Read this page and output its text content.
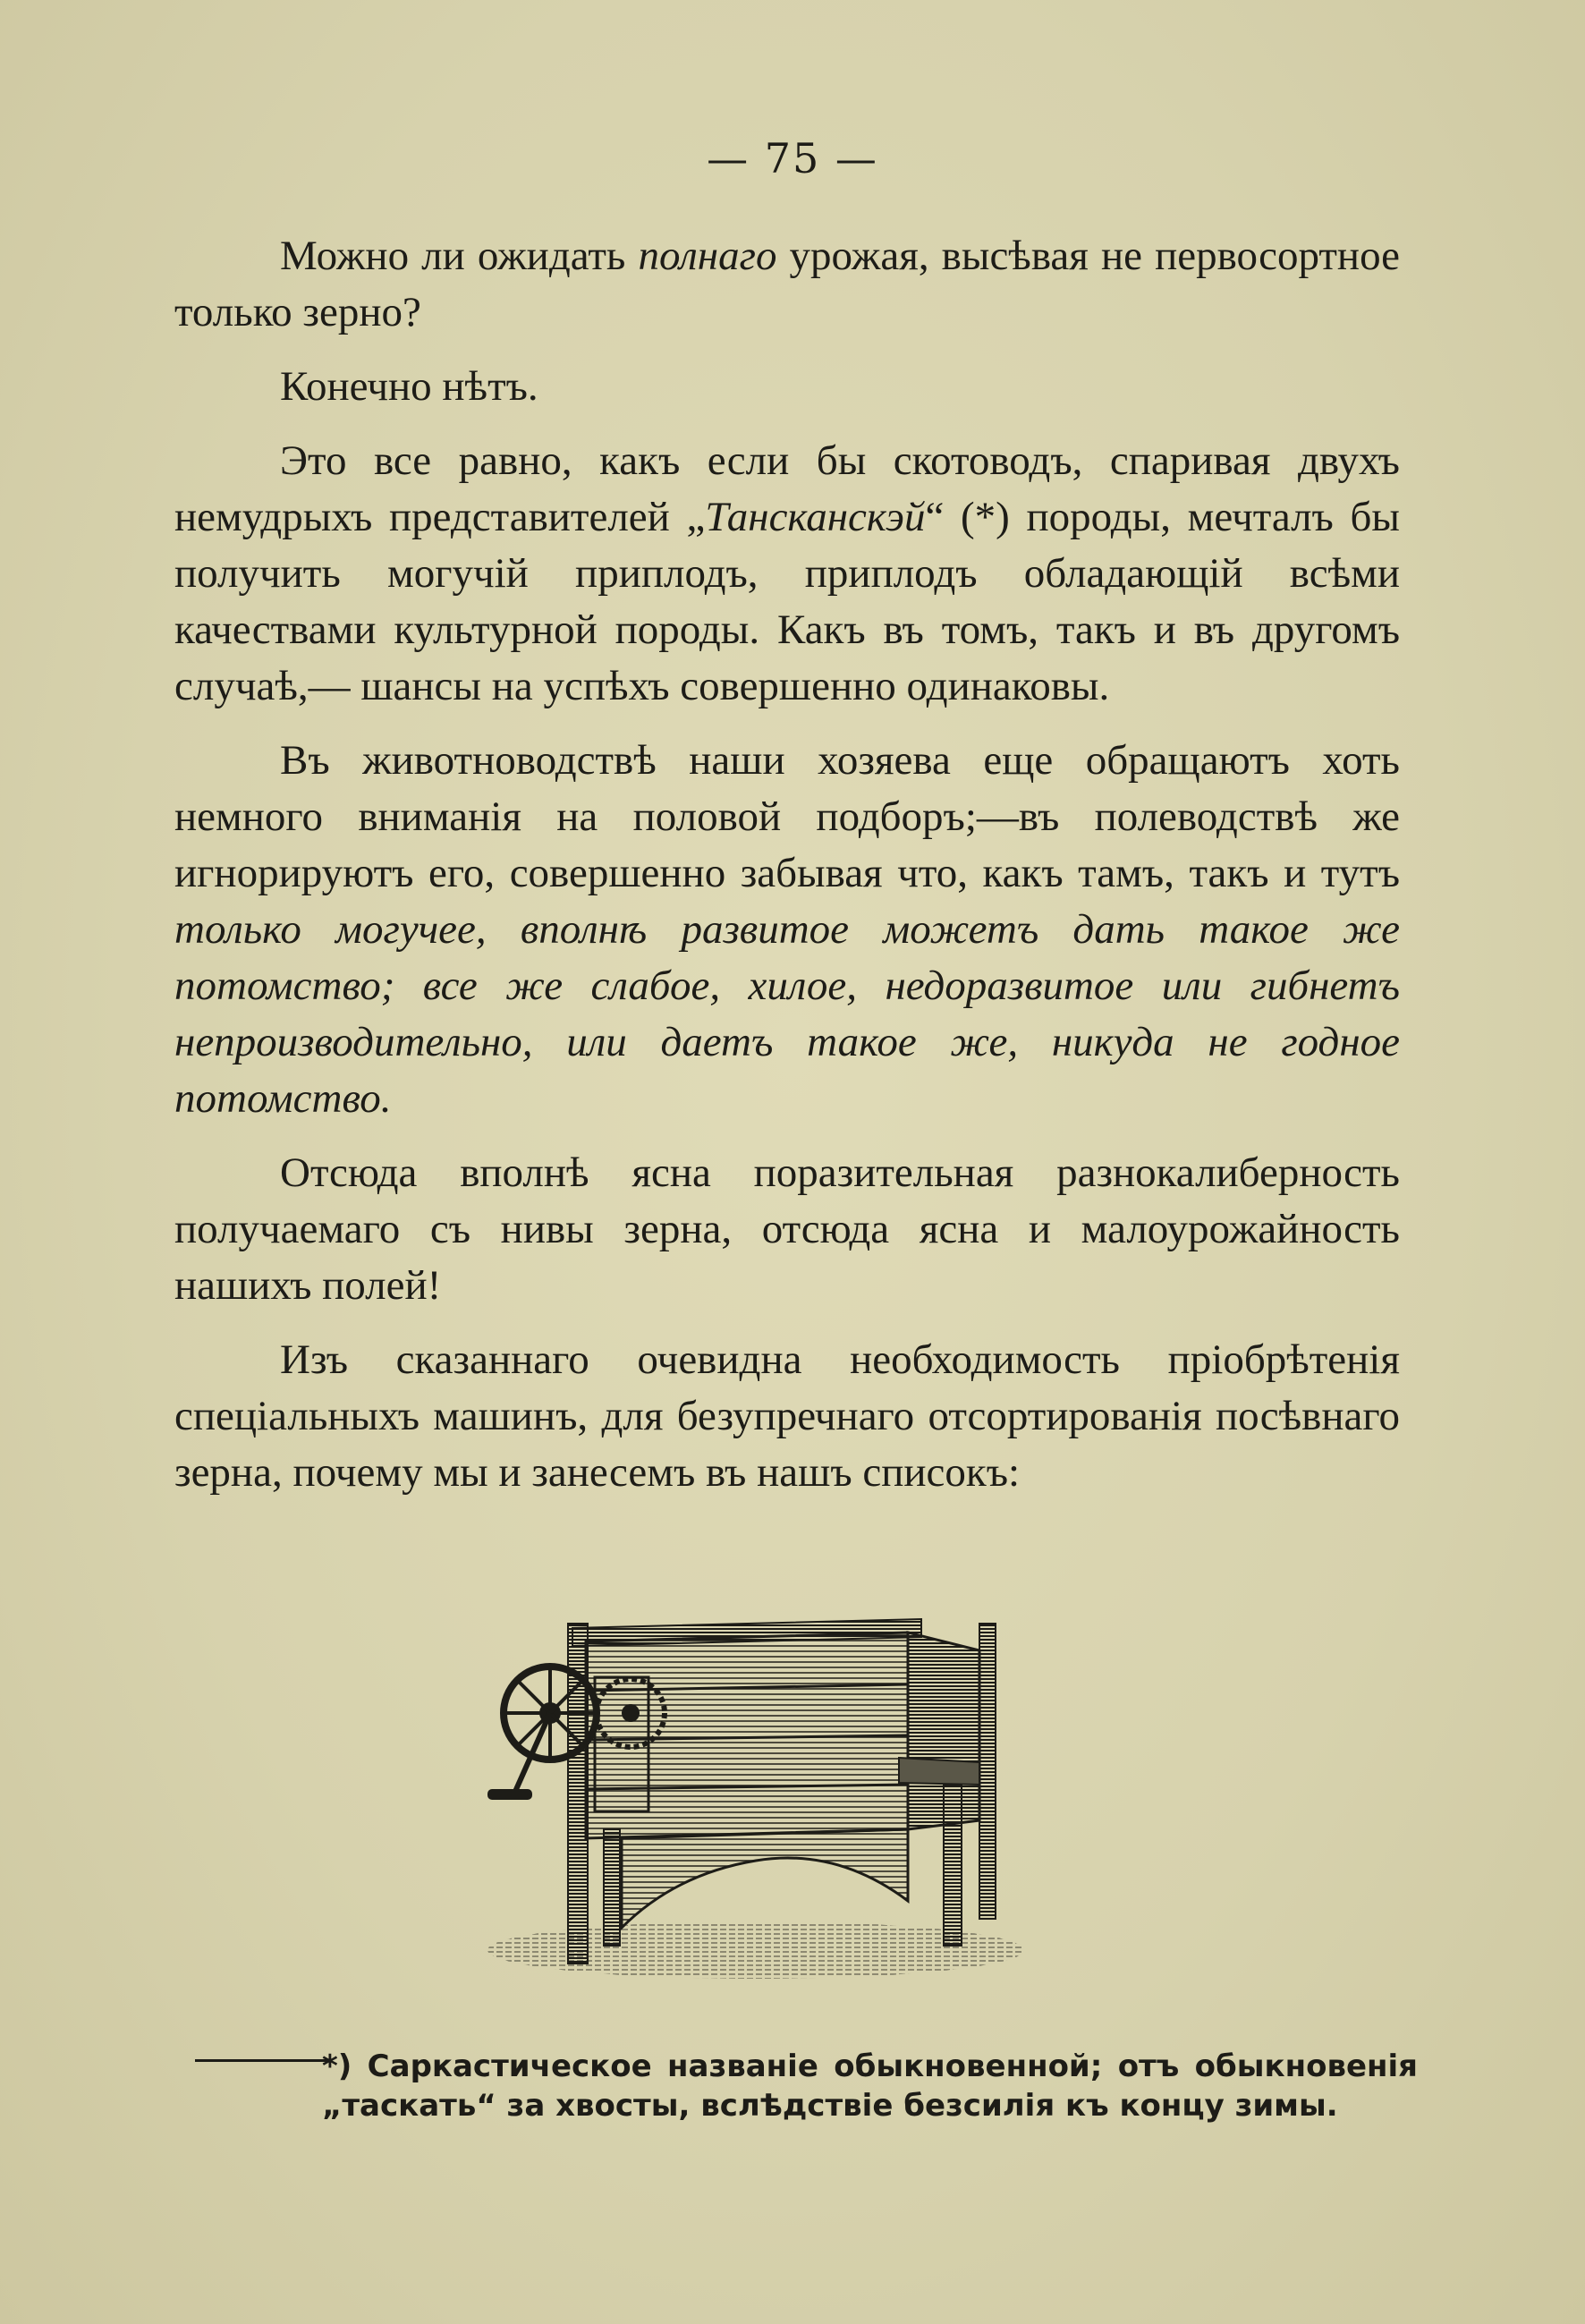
— 75 —

Можно ли ожидать полнаго урожая, высѣвая не первосортное только зерно?

Конечно нѣтъ.

Это все равно, какъ если бы скотоводъ, спаривая двухъ немудрыхъ представителей „Тансканскэй“ (*) породы, мечталъ бы получить могучій приплодъ, приплодъ обладающій всѣми качествами культурной породы. Какъ въ томъ, такъ и въ другомъ случаѣ,— шансы на успѣхъ совершенно одинаковы.

Въ животноводствѣ наши хозяева еще обращаютъ хоть немного вниманія на половой подборъ;—въ полеводствѣ же игнорируютъ его, совершенно забывая что, какъ тамъ, такъ и тутъ только могучее, вполнѣ развитое можетъ дать такое же потомство; все же слабое, хилое, недоразвитое или гибнетъ непроизводительно, или даетъ такое же, никуда не годное потомство.

Отсюда вполнѣ ясна поразительная разнокалиберность получаемаго съ нивы зерна, отсюда ясна и малоурожайность нашихъ полей!

Изъ сказаннаго очевидна необходимость пріобрѣтенія спеціальныхъ машинъ, для безупречнаго отсортированія посѣвнаго зерна, почему мы и занесемъ въ нашъ списокъ:

*) Саркастическое названіе обыкновенной; отъ обыкновенія „таскать“ за хвосты, вслѣдствіе безсилія къ концу зимы.
